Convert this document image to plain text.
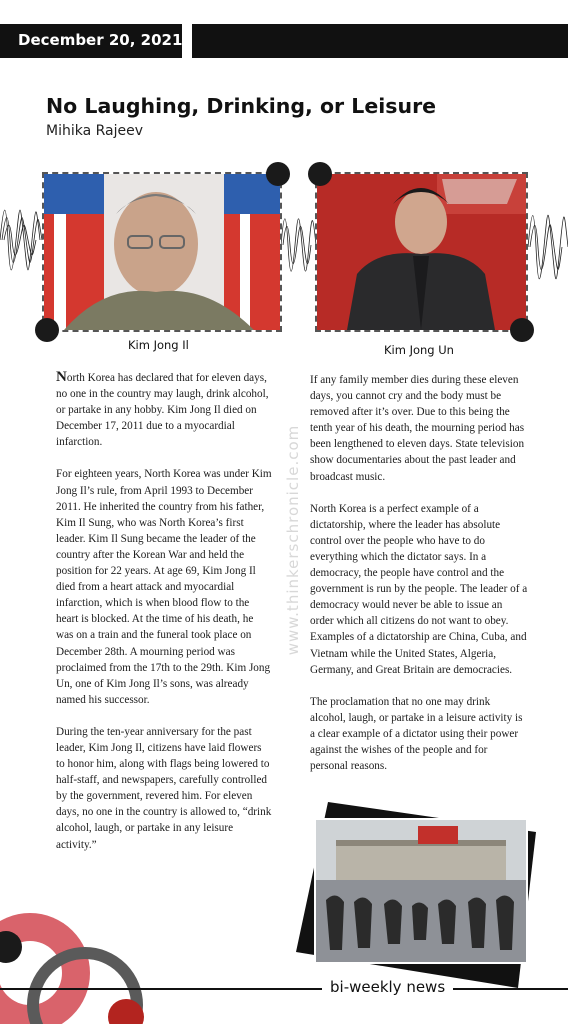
December 20, 2021
No Laughing, Drinking, or Leisure
Mihika Rajeev
Kim Jong Il	Kim Jong Un

North Korea has declared that for eleven days, no one in the country may laugh, drink alcohol, or partake in any hobby. Kim Jong Il died on December 17, 2011 due to a myocardial infarction.

For eighteen years, North Korea was under Kim Jong Il’s rule, from April 1993 to December 2011. He inherited the country from his father, Kim Il Sung, who was North Korea’s first leader. Kim Il Sung became the leader of the country after the Korean War and held the position for 22 years. At age 69, Kim Jong Il died from a heart attack and myocardial infarction, which is when blood flow to the heart is blocked. At the time of his death, he was on a train and the funeral took place on December 28th. A mourning period was proclaimed from the 17th to the 29th. Kim Jong Un, one of Kim Jong Il’s sons, was already named his successor.

During the ten-year anniversary for the past leader, Kim Jong Il, citizens have laid flowers to honor him, along with flags being lowered to half-staff, and newspapers, carefully controlled by the government, revered him. For eleven days, no one in the country is allowed to, “drink alcohol, laugh, or partake in any leisure activity.”

www.thinkerschronicle.com

If any family member dies during these eleven days, you cannot cry and the body must be removed after it’s over. Due to this being the tenth year of his death, the mourning period has been lengthened to eleven days. State television show documentaries about the past leader and broadcast music.

North Korea is a perfect example of a dictatorship, where the leader has absolute control over the people who have to do everything which the dictator says. In a democracy, the people have control and the government is run by the people. The leader of a democracy would never be able to issue an order which all citizens do not want to obey. Examples of a dictatorship are China, Cuba, and Vietnam while the United States, Algeria, Germany, and Great Britain are democracies.

The proclamation that no one may drink alcohol, laugh, or partake in a leisure activity is a clear example of a dictator using their power against the wishes of the people and for personal reasons.

bi-weekly news
